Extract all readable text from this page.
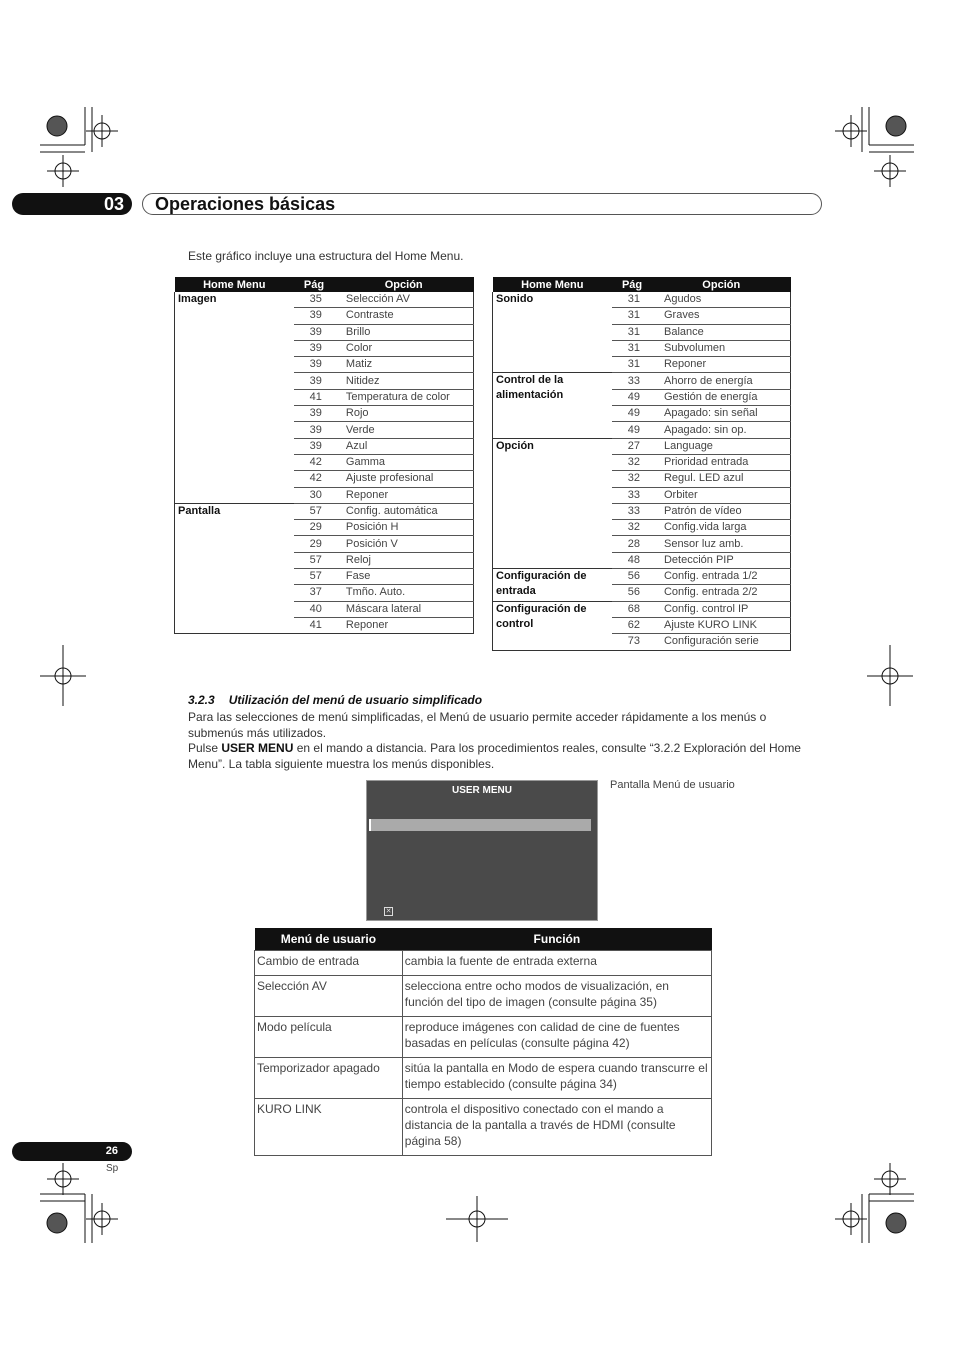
03 Operaciones básicas
Este gráfico incluye una estructura del Home Menu.
Home Menu	Pág	Opción
Imagen	35	Selección AV
	39	Contraste
	39	Brillo
	39	Color
	39	Matiz
	39	Nitidez
	41	Temperatura de color
	39	Rojo
	39	Verde
	39	Azul
	42	Gamma
	42	Ajuste profesional
	30	Reponer
Pantalla	57	Config. automática
	29	Posición H
	29	Posición V
	57	Reloj
	57	Fase
	37	Tmño. Auto.
	40	Máscara lateral
	41	Reponer
Home Menu	Pág	Opción
Sonido	31	Agudos
	31	Graves
	31	Balance
	31	Subvolumen
	31	Reponer
Control de la alimentación	33	Ahorro de energía
	49	Gestión de energía
	49	Apagado: sin señal
	49	Apagado: sin op.
Opción	27	Language
	32	Prioridad entrada
	32	Regul. LED azul
	33	Orbiter
	33	Patrón de vídeo
	32	Config.vida larga
	28	Sensor luz amb.
	48	Detección PIP
Configuración de entrada	56	Config. entrada 1/2
	56	Config. entrada 2/2
Configuración de control	68	Config. control IP
	62	Ajuste KURO LINK
	73	Configuración serie
3.2.3 Utilización del menú de usuario simplificado
Para las selecciones de menú simplificadas, el Menú de usuario permite acceder rápidamente a los menús o submenús más utilizados.
Pulse USER MENU en el mando a distancia. Para los procedimientos reales, consulte “3.2.2 Exploración del Home Menu”. La tabla siguiente muestra los menús disponibles.
USER MENU
✕
Pantalla Menú de usuario
Menú de usuario	Función
Cambio de entrada	cambia la fuente de entrada externa
Selección AV	selecciona entre ocho modos de visualización, en función del tipo de imagen (consulte página 35)
Modo película	reproduce imágenes con calidad de cine de fuentes basadas en películas (consulte página 42)
Temporizador apagado	sitúa la pantalla en Modo de espera cuando transcurre el tiempo establecido (consulte página 34)
KURO LINK	controla el dispositivo conectado con el mando a distancia de la pantalla a través de HDMI (consulte página 58)
26
Sp
